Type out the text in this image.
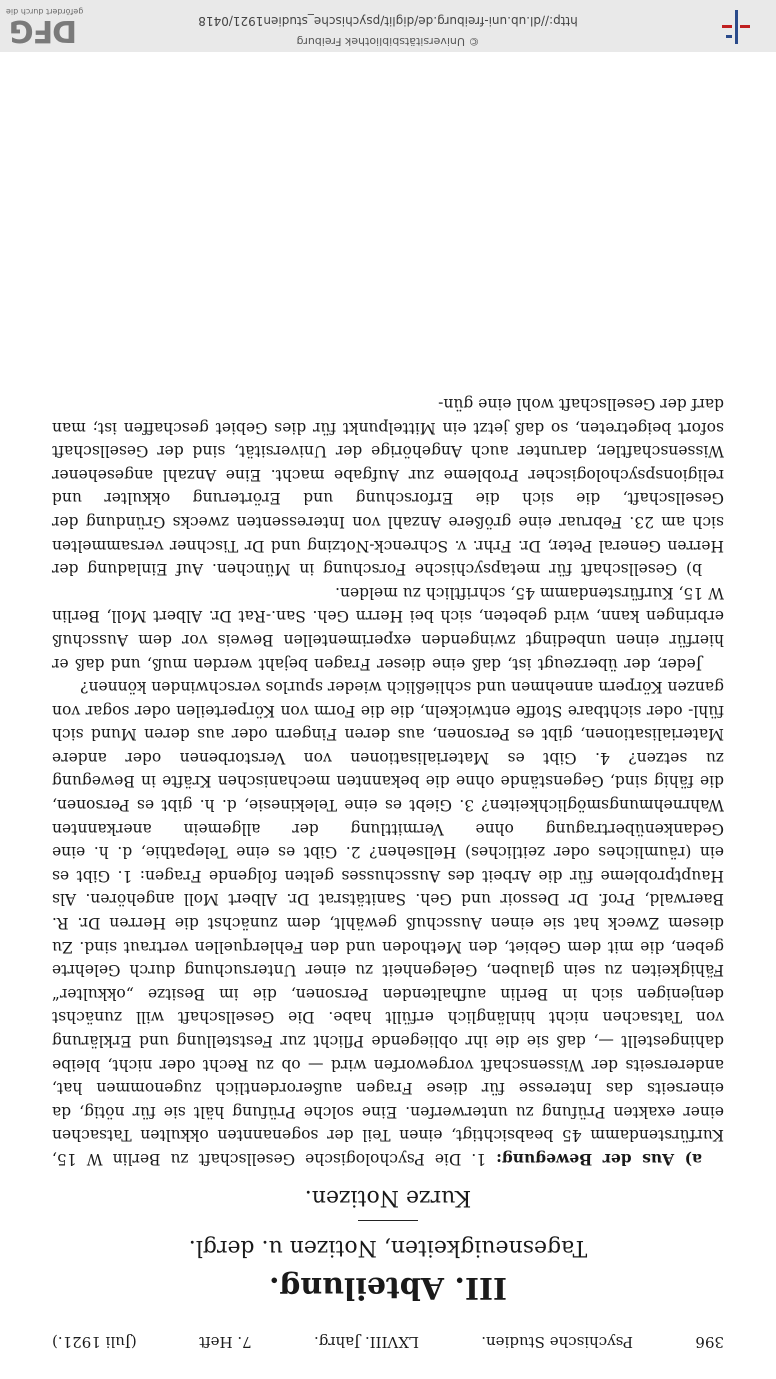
396
Psychische Studien.
LXVIII. Jahrg.
7. Heft
(Juli 1921.)
III. Abteilung.
Tagesneuigkeiten, Notizen u. dergl.
Kurze Notizen.

a) Aus der Bewegung: 1. Die Psychologische Gesellschaft zu Berlin W 15, Kurfürstendamm 45 beabsichtigt, einen Teil der sogenannten okkulten Tatsachen einer exakten Prüfung zu unterwerfen. Eine solche Prüfung hält sie für nötig, da einerseits das Interesse für diese Fragen außerordentlich zugenommen hat, andererseits der Wissenschaft vorgeworfen wird — ob zu Recht oder nicht, bleibe dahingestellt —, daß sie die ihr obliegende Pflicht zur Feststellung und Erklärung von Tatsachen nicht hinlänglich erfüllt habe. Die Gesellschaft will zunächst denjenigen sich in Berlin aufhaltenden Personen, die im Besitze „okkulter“ Fähigkeiten zu sein glauben, Gelegenheit zu einer Untersuchung durch Gelehrte geben, die mit dem Gebiet, den Methoden und den Fehlerquellen vertraut sind. Zu diesem Zweck hat sie einen Ausschuß gewählt, dem zunächst die Herren Dr. R. Baerwald, Prof. Dr Dessoir und Geh. Sanitätsrat Dr. Albert Moll angehören. Als Hauptprobleme für die Arbeit des Ausschusses gelten folgende Fragen: 1. Gibt es ein (räumliches oder zeitliches) Hellsehen? 2. Gibt es eine Telepathie, d. h. eine Gedankenübertragung ohne Vermittlung der allgemein anerkannten Wahrnehmungsmöglichkeiten? 3. Giebt es eine Telekinesie, d. h. gibt es Personen, die fähig sind, Gegenstände ohne die bekannten mechanischen Kräfte in Bewegung zu setzen? 4. Gibt es Materialisationen von Verstorbenen oder andere Materialisationen, gibt es Personen, aus deren Fingern oder aus deren Mund sich fühl- oder sichtbare Stoffe entwickeln, die die Form von Körperteilen oder sogar von ganzen Körpern annehmen und schließlich wieder spurlos verschwinden können?

Jeder, der überzeugt ist, daß eine dieser Fragen bejaht werden muß, und daß er hierfür einen unbedingt zwingenden experimentellen Beweis vor dem Ausschuß erbringen kann, wird gebeten, sich bei Herrn Geh. San.-Rat Dr. Albert Moll, Berlin W 15, Kurfürstendamm 45, schriftlich zu melden.

b) Gesellschaft für metapsychische Forschung in München. Auf Einladung der Herren General Peter, Dr. Frhr. v. Schrenck-Notzing und Dr Tischner versammelten sich am 23. Februar eine größere Anzahl von Interessenten zwecks Gründung der Gesellschaft, die sich die Erforschung und Erörterung okkulter und religionspsychologischer Probleme zur Aufgabe macht. Eine Anzahl angesehener Wissenschaftler, darunter auch Angehörige der Universität, sind der Gesellschaft sofort beigetreten, so daß jetzt ein Mittelpunkt für dies Gebiet geschaffen ist; man darf der Gesellschaft wohl eine gün-

© Universitätsbibliothek Freiburg
http://dl.ub.uni-freiburg.de/diglit/psychische_studien1921/0418
DFG
gefördert durch die
